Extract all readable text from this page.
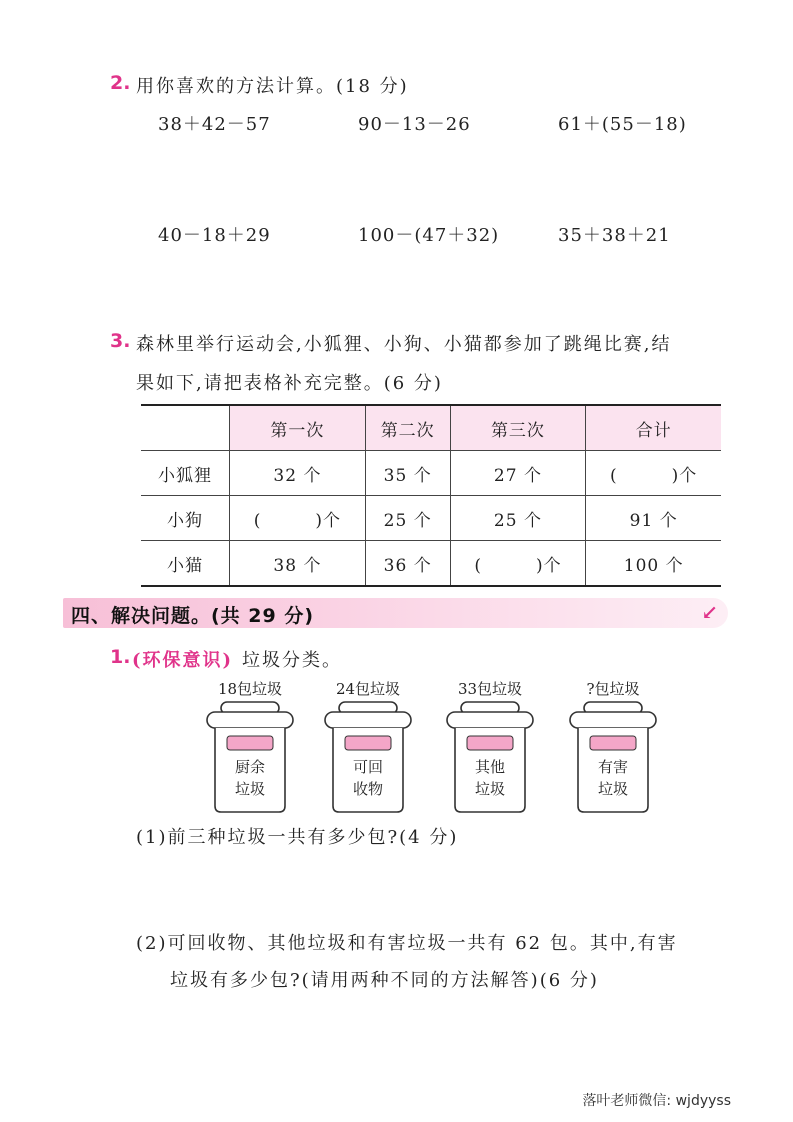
2. 用你喜欢的方法计算。(18 分)
38＋42－57	90－13－26	61＋(55－18)
40－18＋29	100－(47＋32)	35＋38＋21
3. 森林里举行运动会,小狐狸、小狗、小猫都参加了跳绳比赛,结
果如下,请把表格补充完整。(6 分)
	第一次	第二次	第三次	合计
小狐狸	32 个	35 个	27 个	(　　　)个
小狗	(　　　)个	25 个	25 个	91 个
小猫	38 个	36 个	(　　　)个	100 个
四、解决问题。(共 29 分)	↙
1. (环保意识) 垃圾分类。
18包垃圾
厨余
垃圾
24包垃圾
可回
收物
33包垃圾
其他
垃圾
?包垃圾
有害
垃圾
(1)前三种垃圾一共有多少包?(4 分)
(2)可回收物、其他垃圾和有害垃圾一共有 62 包。其中,有害
垃圾有多少包?(请用两种不同的方法解答)(6 分)
落叶老师微信: wjdyyss
